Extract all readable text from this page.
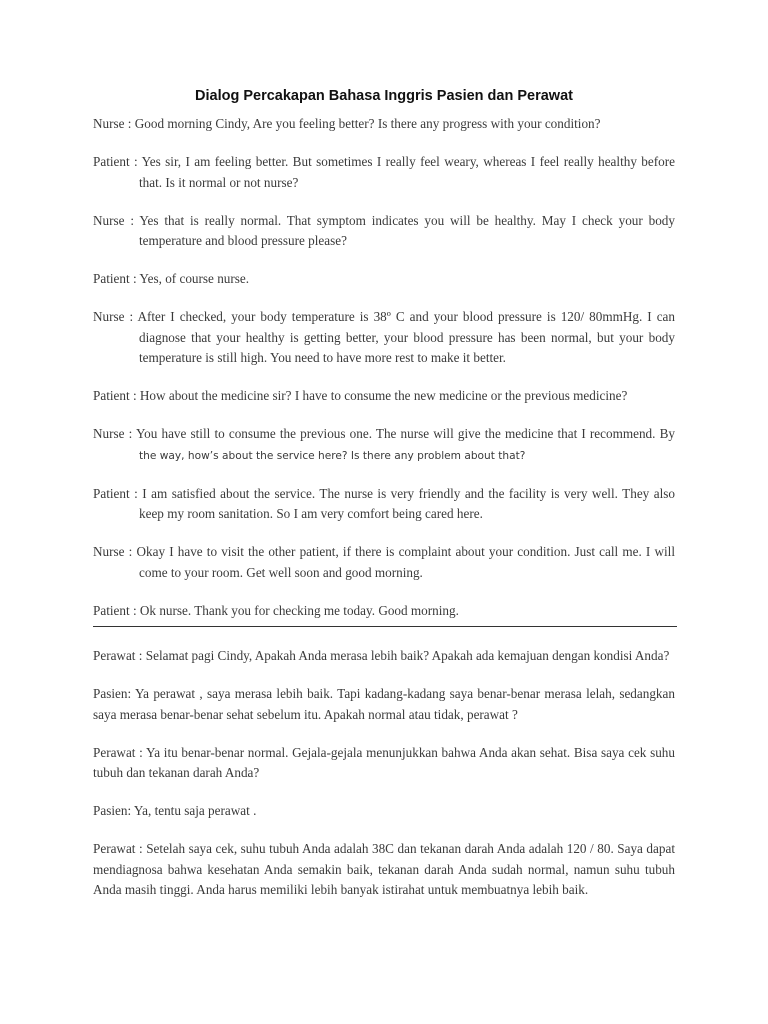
Dialog Percakapan Bahasa Inggris Pasien dan Perawat
Nurse : Good morning Cindy, Are you feeling better? Is there any progress with your condition?
Patient : Yes sir, I am feeling better. But sometimes I really feel weary, whereas I feel really healthy before that. Is it normal or not nurse?
Nurse : Yes that is really normal. That symptom indicates you will be healthy. May I check your body temperature and blood pressure please?
Patient : Yes, of course nurse.
Nurse : After I checked, your body temperature is 38º C and your blood pressure is 120/ 80mmHg. I can diagnose that your healthy is getting better, your blood pressure has been normal, but your body temperature is still high. You need to have more rest to make it better.
Patient : How about the medicine sir? I have to consume the new medicine or the previous medicine?
Nurse : You have still to consume the previous one. The nurse will give the medicine that I recommend. By the way, how’s about the service here? Is there any problem about that?
Patient : I am satisfied about the service. The nurse is very friendly and the facility is very well. They also keep my room sanitation. So I am very comfort being cared here.
Nurse : Okay I have to visit the other patient, if there is complaint about your condition. Just call me. I will come to your room. Get well soon and good morning.
Patient : Ok nurse. Thank you for checking me today. Good morning.
Perawat : Selamat pagi Cindy, Apakah Anda merasa lebih baik? Apakah ada kemajuan dengan kondisi Anda?
Pasien: Ya perawat , saya merasa lebih baik. Tapi kadang-kadang saya benar-benar merasa lelah, sedangkan saya merasa benar-benar sehat sebelum itu. Apakah normal atau tidak, perawat ?
Perawat : Ya itu benar-benar normal. Gejala-gejala menunjukkan bahwa Anda akan sehat. Bisa saya cek suhu tubuh dan tekanan darah Anda?
Pasien: Ya, tentu saja perawat .
Perawat : Setelah saya cek, suhu tubuh Anda adalah 38C dan tekanan darah Anda adalah 120 / 80. Saya dapat mendiagnosa bahwa kesehatan Anda semakin baik, tekanan darah Anda sudah normal, namun suhu tubuh Anda masih tinggi. Anda harus memiliki lebih banyak istirahat untuk membuatnya lebih baik.
